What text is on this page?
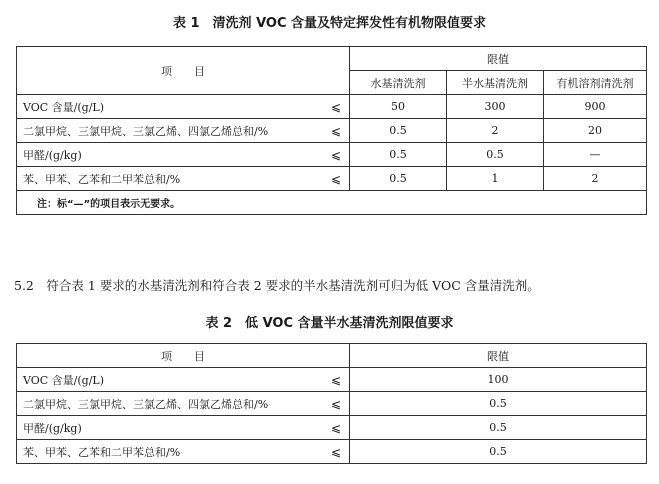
表 1　清洗剂 VOC 含量及特定挥发性有机物限值要求
项　　目	限值		
	水基清洗剂	半水基清洗剂	有机溶剂清洗剂
VOC 含量/(g/L) ⩽	50	300	900
二氯甲烷、三氯甲烷、三氯乙烯、四氯乙烯总和/% ⩽	0.5	2	20
甲醛/(g/kg) ⩽	0.5	0.5	—
苯、甲苯、乙苯和二甲苯总和/% ⩽	0.5	1	2
注：标“—”的项目表示无要求。			
5.2　符合表 1 要求的水基清洗剂和符合表 2 要求的半水基清洗剂可归为低 VOC 含量清洗剂。
表 2　低 VOC 含量半水基清洗剂限值要求
项　　目	限值
VOC 含量/(g/L) ⩽	100
二氯甲烷、三氯甲烷、三氯乙烯、四氯乙烯总和/% ⩽	0.5
甲醛/(g/kg) ⩽	0.5
苯、甲苯、乙苯和二甲苯总和/% ⩽	0.5
